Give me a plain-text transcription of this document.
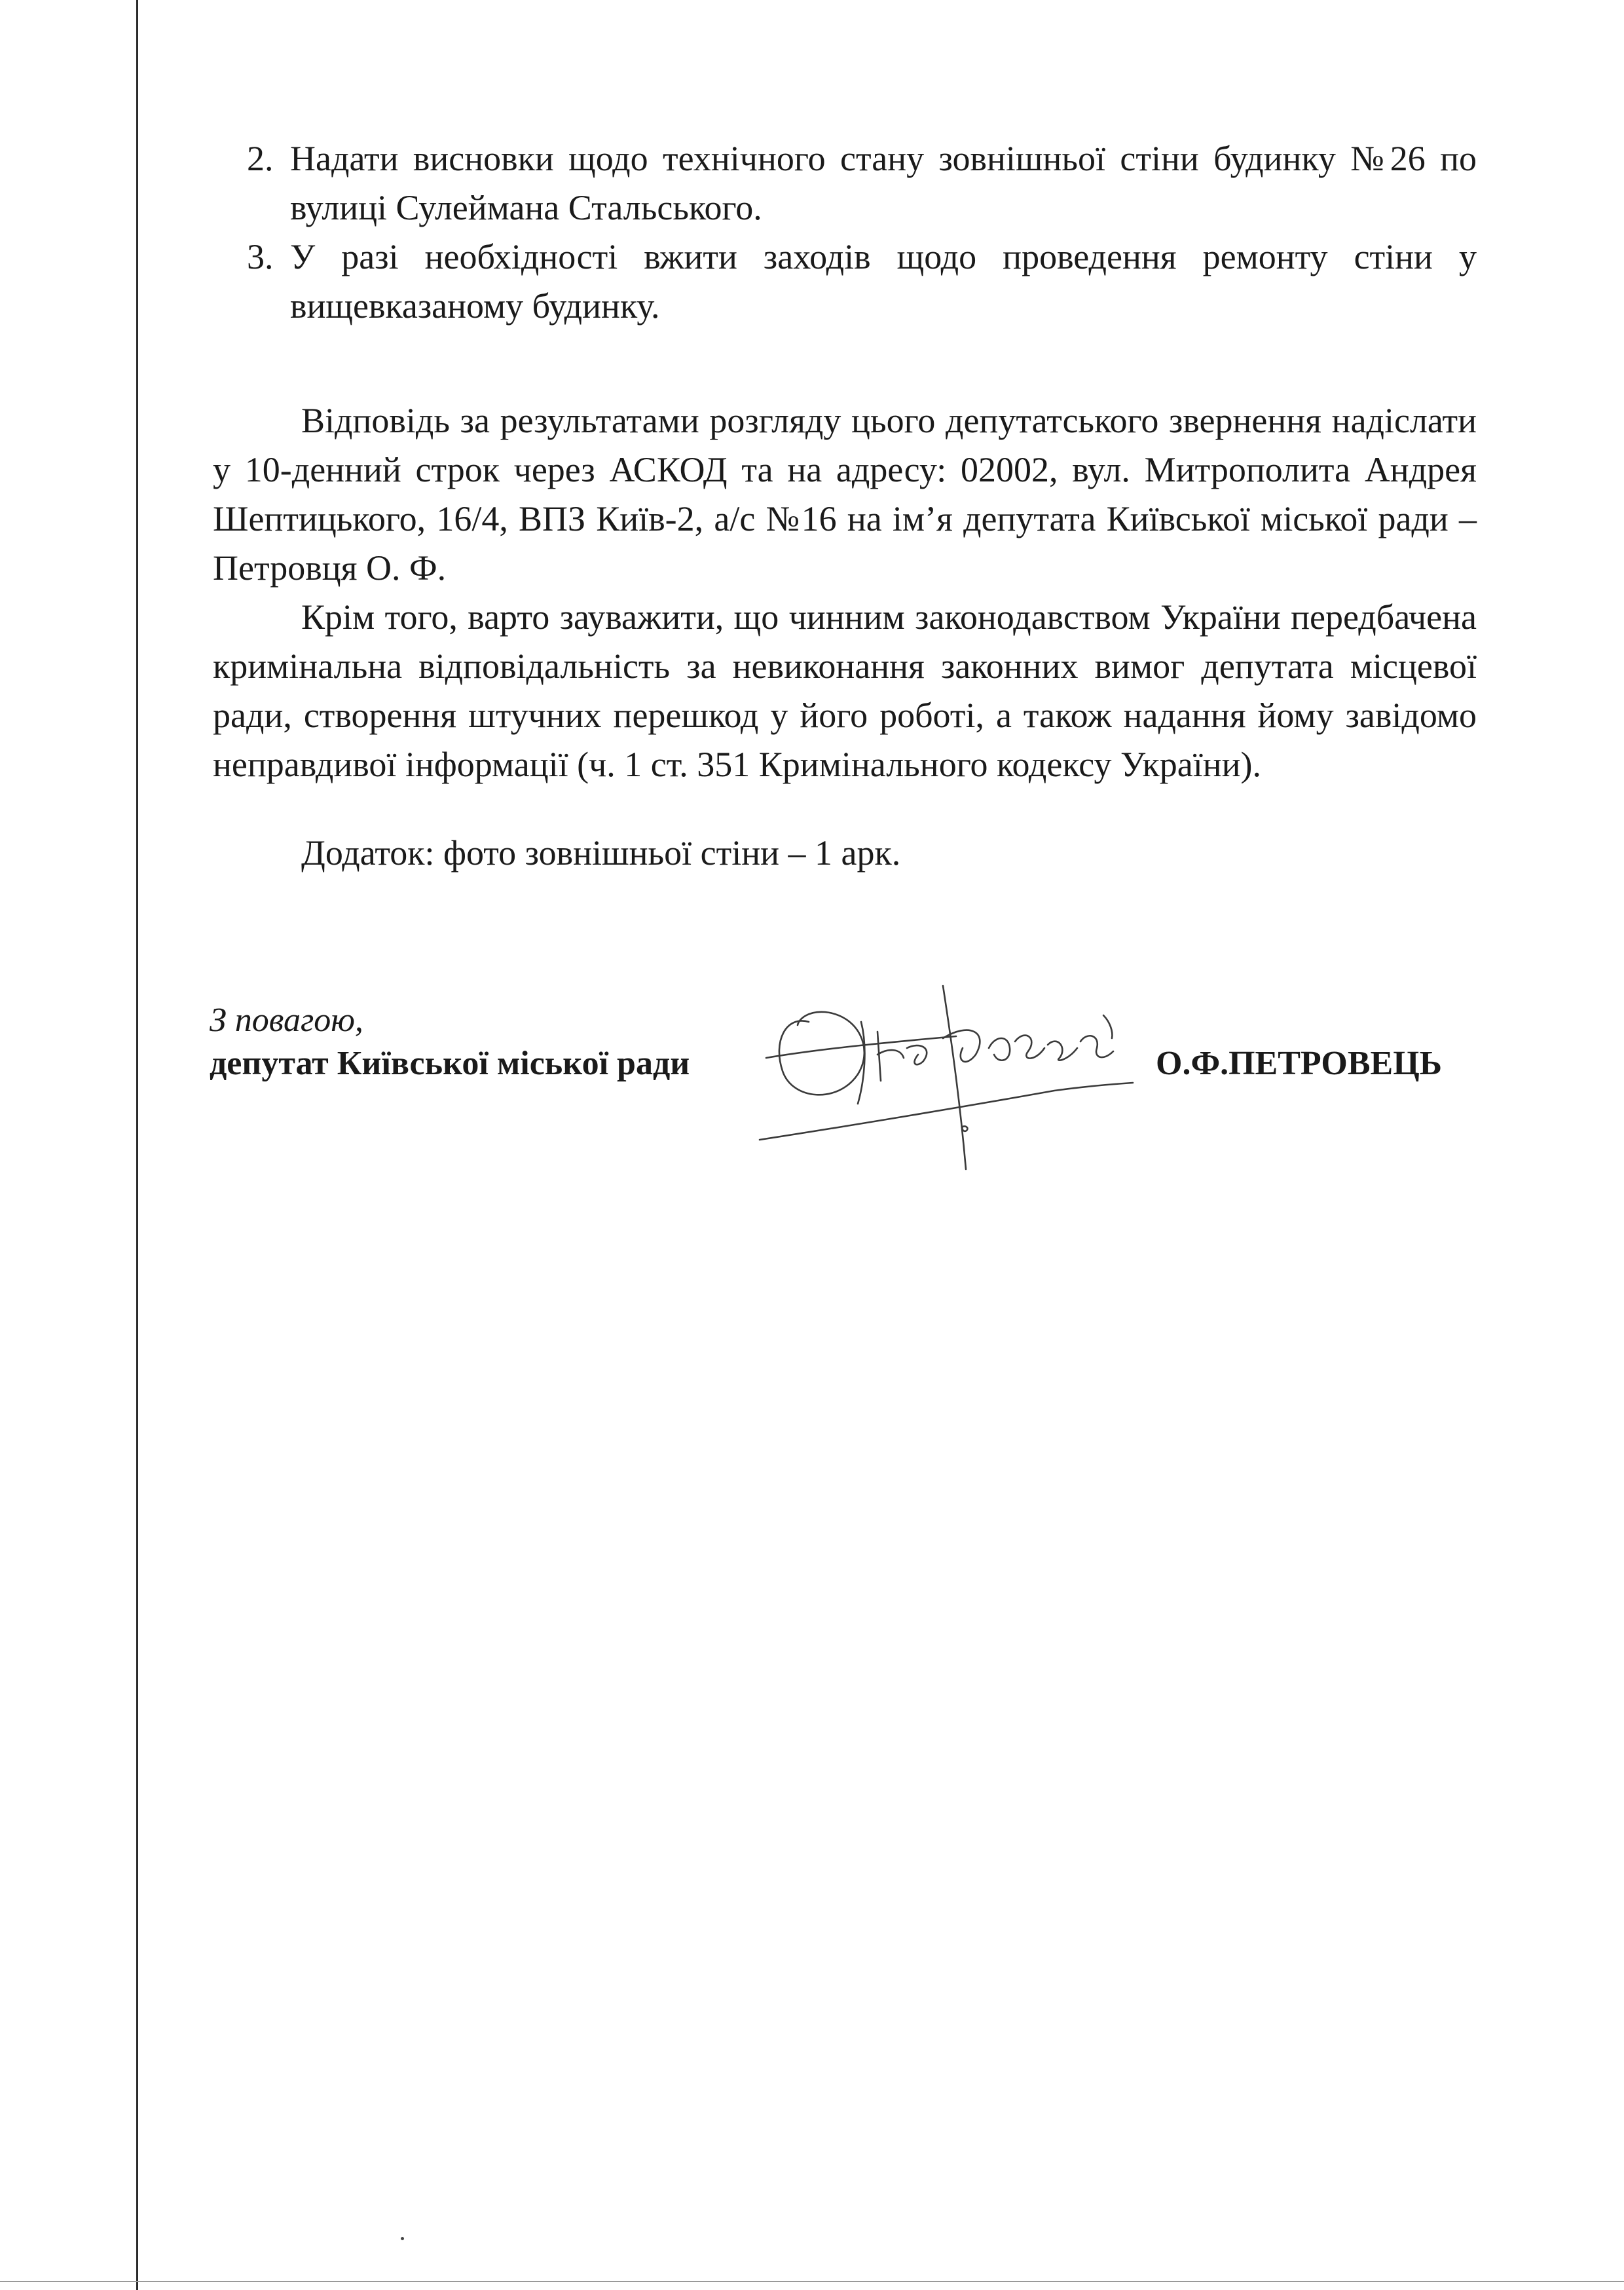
2. Надати висновки щодо технічного стану зовнішньої стіни будинку №26 по вулиці Сулеймана Стальського.
3. У разі необхідності вжити заходів щодо проведення ремонту стіни у вищевказаному будинку.

Відповідь за результатами розгляду цього депутатського звернення надіслати у 10-денний строк через АСКОД та на адресу: 02002, вул. Митрополита Андрея Шептицького, 16/4, ВПЗ Київ-2, а/с №16 на ім’я депутата Київської міської ради – Петровця О. Ф.

Крім того, варто зауважити, що чинним законодавством України передбачена кримінальна відповідальність за невиконання законних вимог депутата місцевої ради, створення штучних перешкод у його роботі, а також надання йому завідомо неправдивої інформації (ч. 1 ст. 351 Кримінального кодексу України).

Додаток: фото зовнішньої стіни – 1 арк.

З повагою,
депутат Київської міської ради	О.Ф.ПЕТРОВЕЦЬ
